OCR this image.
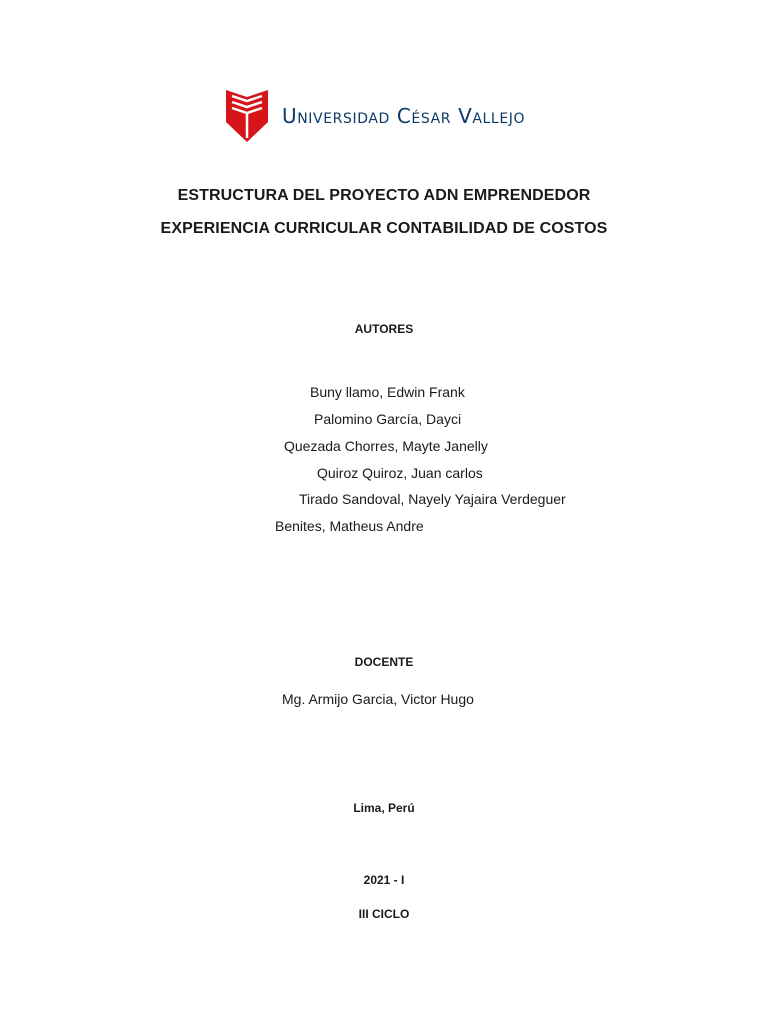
Universidad César Vallejo
ESTRUCTURA DEL PROYECTO ADN EMPRENDEDOR
EXPERIENCIA CURRICULAR CONTABILIDAD DE COSTOS
AUTORES
Buny llamo, Edwin Frank
Palomino García, Dayci
Quezada Chorres, Mayte Janelly
Quiroz Quiroz, Juan carlos
Tirado Sandoval, Nayely Yajaira Verdeguer
Benites, Matheus Andre
DOCENTE
Mg. Armijo Garcia, Victor Hugo
Lima, Perú
2021 - I
III CICLO
